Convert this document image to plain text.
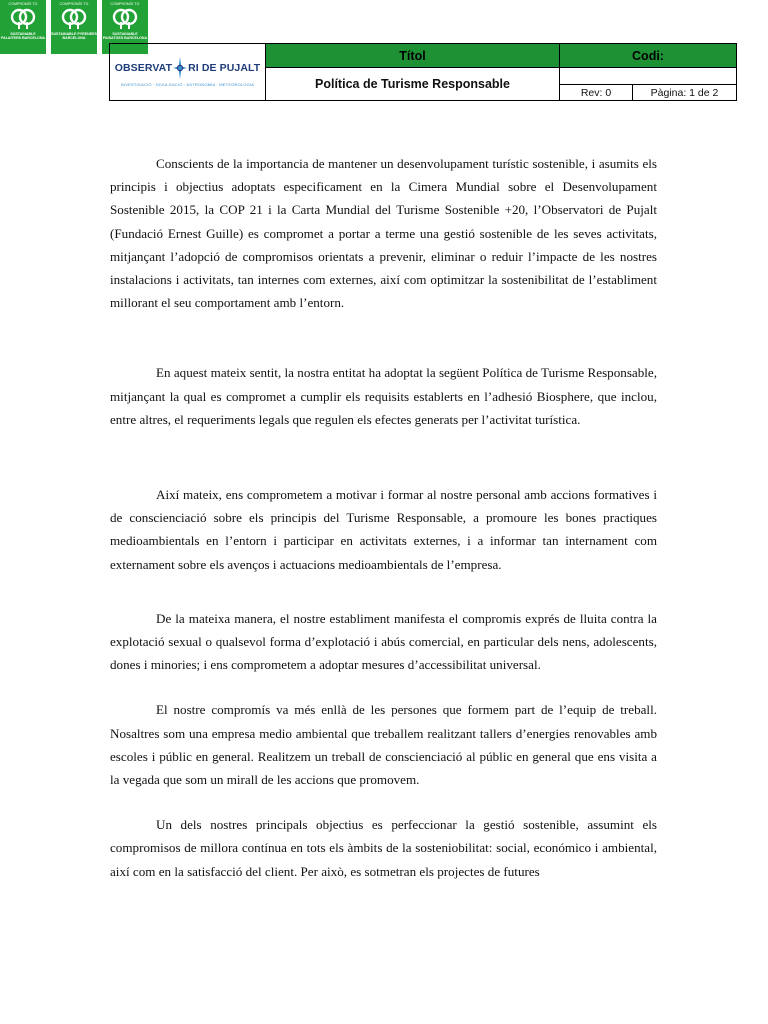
COMPROMÍS TO
SUSTAINABLE PALAITERS BARCELONA
COMPROMÍS TO
SUSTAINABLE PYRENEES BARCELONA
COMPROMÍS TO
SUSTAINABLE PAISATGES BARCELONA
OBSERVAT RI DE PUJALT
INVESTIGACIÓ · DIVULGACIÓ · ASTRONOMIA · METEOROLOGIA
Títol
Política de Turisme Responsable
Codi:
Rev: 0	Pàgina: 1 de 2

Conscients de la importancia de mantener un desenvolupament turístic sostenible, i asumits els principis i objectius adoptats especificament en la Cimera Mundial sobre el Desenvolupament Sostenible 2015, la COP 21 i la Carta Mundial del Turisme Sostenible +20, l’Observatori de Pujalt (Fundació Ernest Guille) es compromet a portar a terme una gestió sostenible de les seves activitats, mitjançant l’adopció de compromisos orientats a prevenir, eliminar o reduir l’impacte de les nostres instalacions i activitats, tan internes com externes, així com optimitzar la sostenibilitat de l’establiment millorant el seu comportament amb l’entorn.

En aquest mateix sentit, la nostra entitat ha adoptat la següent Política de Turisme Responsable, mitjançant la qual es compromet a cumplir els requisits establerts en l’adhesió Biosphere, que inclou, entre altres, el requeriments legals que regulen els efectes generats per l’activitat turística.

Així mateix, ens comprometem a motivar i formar al nostre personal amb accions formatives i de conscienciació sobre els principis del Turisme Responsable, a promoure les bones practiques medioambientals en l’entorn i participar en activitats externes, i a informar tan internament com externament sobre els avenços i actuacions medioambientals de l’empresa.

De la mateixa manera, el nostre establiment manifesta el compromis exprés de lluita contra la explotació sexual o qualsevol forma d’explotació i abús comercial, en particular dels nens, adolescents, dones i minories; i ens comprometem a adoptar mesures d’accessibilitat universal.

El nostre compromís va més enllà de les persones que formem part de l’equip de treball. Nosaltres som una empresa medio ambiental que treballem realitzant tallers d’energies renovables amb escoles i públic en general. Realitzem un treball de conscienciació al públic en general que ens visita a la vegada que som un mirall de les accions que promovem.

Un dels nostres principals objectius es perfeccionar la gestió sostenible, assumint els compromisos de millora contínua en tots els àmbits de la sosteniobilitat: social, económico i ambiental, així com en la satisfacció del client. Per això, es sotmetran els projectes de futures
